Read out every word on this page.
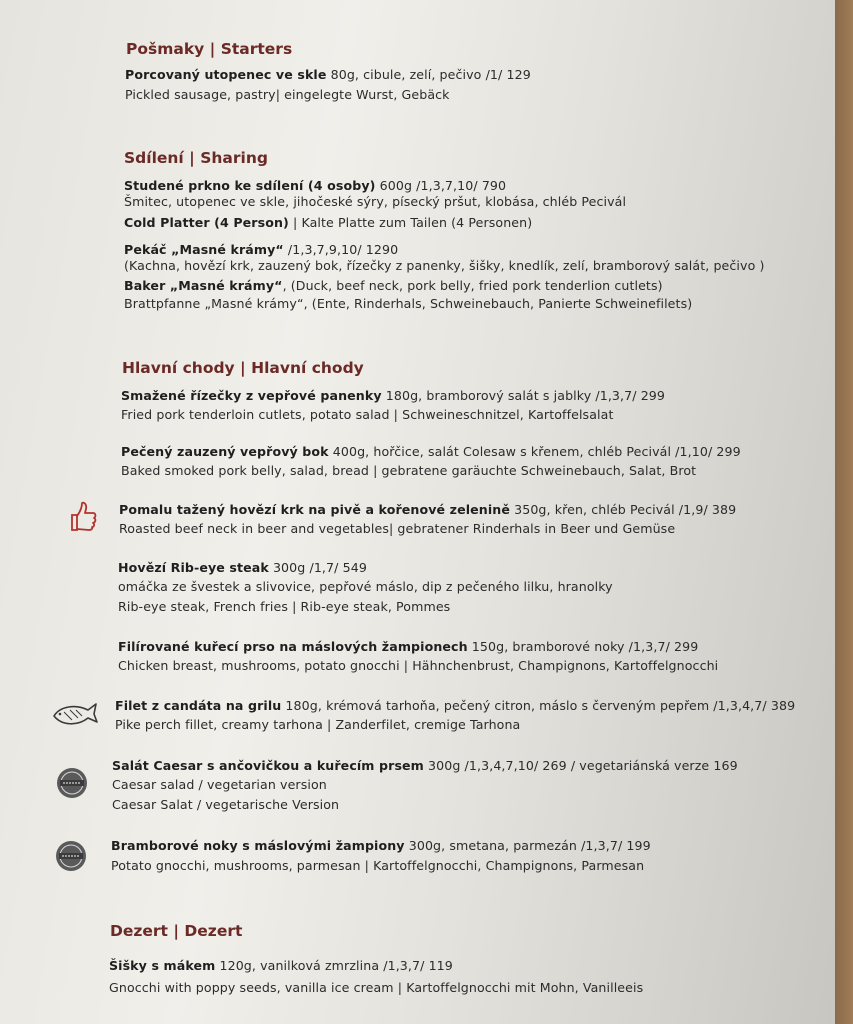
Pošmaky | Starters
Porcovaný utopenec ve skle 80g, cibule, zelí, pečivo /1/ 129
Pickled sausage, pastry| eingelegte Wurst, Gebäck
Sdílení | Sharing
Studené prkno ke sdílení (4 osoby) 600g /1,3,7,10/ 790
Šmitec, utopenec ve skle, jihočeské sýry, písecký pršut, klobása, chléb Pecivál
Cold Platter (4 Person) | Kalte Platte zum Tailen (4 Personen)
Pekáč „Masné krámy“ /1,3,7,9,10/ 1290
(Kachna, hovězí krk, zauzený bok, řízečky z panenky, šišky, knedlík, zelí, bramborový salát, pečivo )
Baker „Masné krámy“, (Duck, beef neck, pork belly, fried pork tenderlion cutlets)
Brattpfanne „Masné krámy“, (Ente, Rinderhals, Schweinebauch, Panierte Schweinefilets)
Hlavní chody | Hlavní chody
Smažené řízečky z vepřové panenky 180g, bramborový salát s jablky /1,3,7/ 299
Fried pork tenderloin cutlets, potato salad | Schweineschnitzel, Kartoffelsalat
Pečený zauzený vepřový bok 400g, hořčice, salát Colesaw s křenem, chléb Pecivál /1,10/ 299
Baked smoked pork belly, salad, bread | gebratene garäuchte Schweinebauch, Salat, Brot
Pomalu tažený hovězí krk na pivě a kořenové zelenině 350g, křen, chléb Pecivál /1,9/ 389
Roasted beef neck in beer and vegetables| gebratener Rinderhals in Beer und Gemüse
Hovězí Rib-eye steak 300g /1,7/ 549
omáčka ze švestek a slivovice, pepřové máslo, dip z pečeného lilku, hranolky
Rib-eye steak, French fries | Rib-eye steak, Pommes
Filírované kuřecí prso na máslových žampionech 150g, bramborové noky /1,3,7/ 299
Chicken breast, mushrooms, potato gnocchi | Hähnchenbrust, Champignons, Kartoffelgnocchi
Filet z candáta na grilu 180g, krémová tarhoňa, pečený citron, máslo s červeným pepřem /1,3,4,7/ 389
Pike perch fillet, creamy tarhona | Zanderfilet, cremige Tarhona
Salát Caesar s ančovičkou a kuřecím prsem 300g /1,3,4,7,10/ 269 / vegetariánská verze 169
Caesar salad / vegetarian version
Caesar Salat / vegetarische Version
Bramborové noky s máslovými žampiony 300g, smetana, parmezán /1,3,7/ 199
Potato gnocchi, mushrooms, parmesan | Kartoffelgnocchi, Champignons, Parmesan
Dezert | Dezert
Šišky s mákem 120g, vanilková zmrzlina /1,3,7/ 119
Gnocchi with poppy seeds, vanilla ice cream | Kartoffelgnocchi mit Mohn, Vanilleeis
